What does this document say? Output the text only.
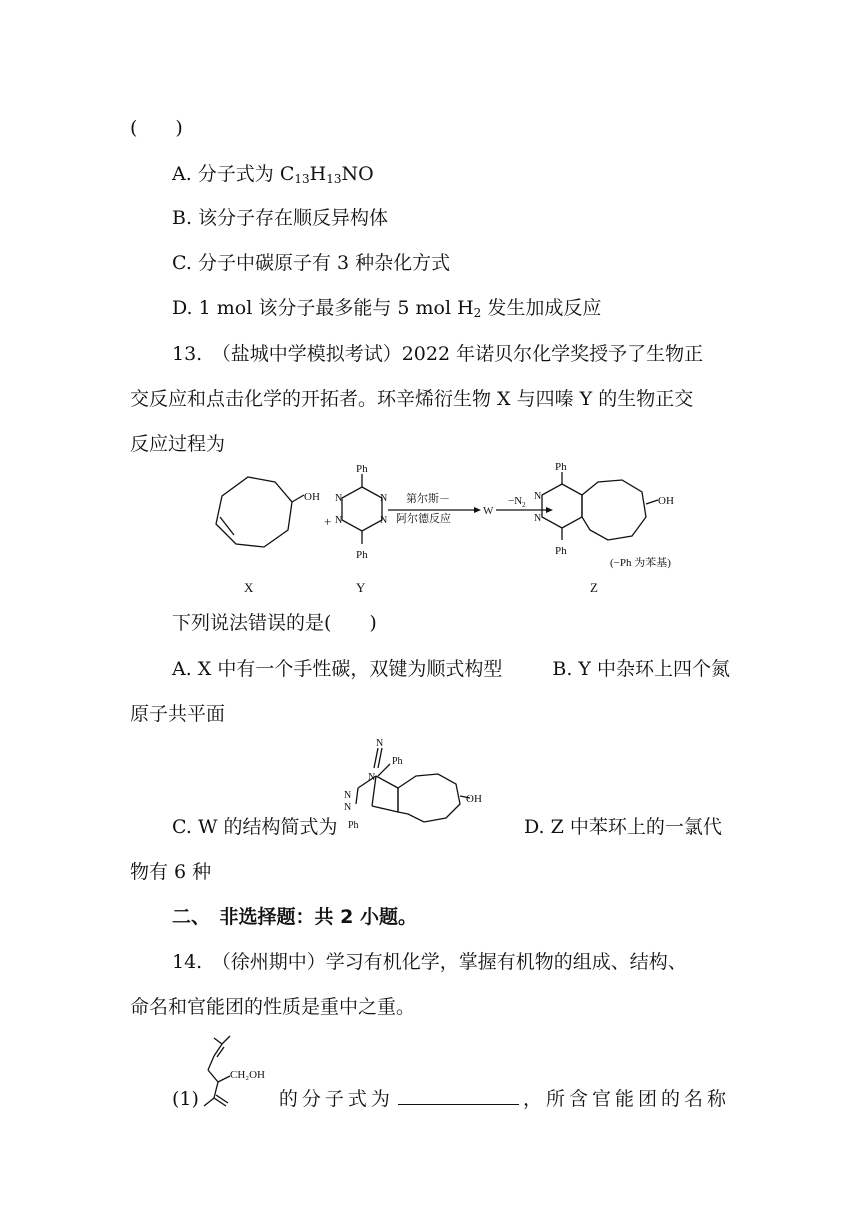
(　　)
A. 分子式为 $C_{13}H_{13}NO$
B. 该分子存在顺反异构体
C. 分子中碳原子有 3 种杂化方式
D. 1 mol 该分子最多能与 5 mol $H_2$ 发生加成反应
13.　（盐城中学模拟考试）2022 年诺贝尔化学奖授予了生物正
交反应和点击化学的开拓者。环辛烯衍生物 X 与四嗪 Y 的生物正交
反应过程为
OH
+
Ph
Ph
N
N
N
N
第尔斯－
阿尔德反应
W
$-N_2$
Ph
Ph
N
N
OH
(−Ph 为苯基)
X	Y	Z
下列说法错误的是(　　)
A. X 中有一个手性碳，双键为顺式构型	B. Y 中杂环上四个氮
原子共平面
N
N
N
N
Ph
Ph
OH
C. W 的结构简式为	D. Z 中苯环上的一氯代
物有 6 种
二、　非选择题：共 2 小题。
14.　（徐州期中）学习有机化学，掌握有机物的组成、结构、
命名和官能团的性质是重中之重。
CH₂OH
(1)	的分子式为	，所含官能团的名称
